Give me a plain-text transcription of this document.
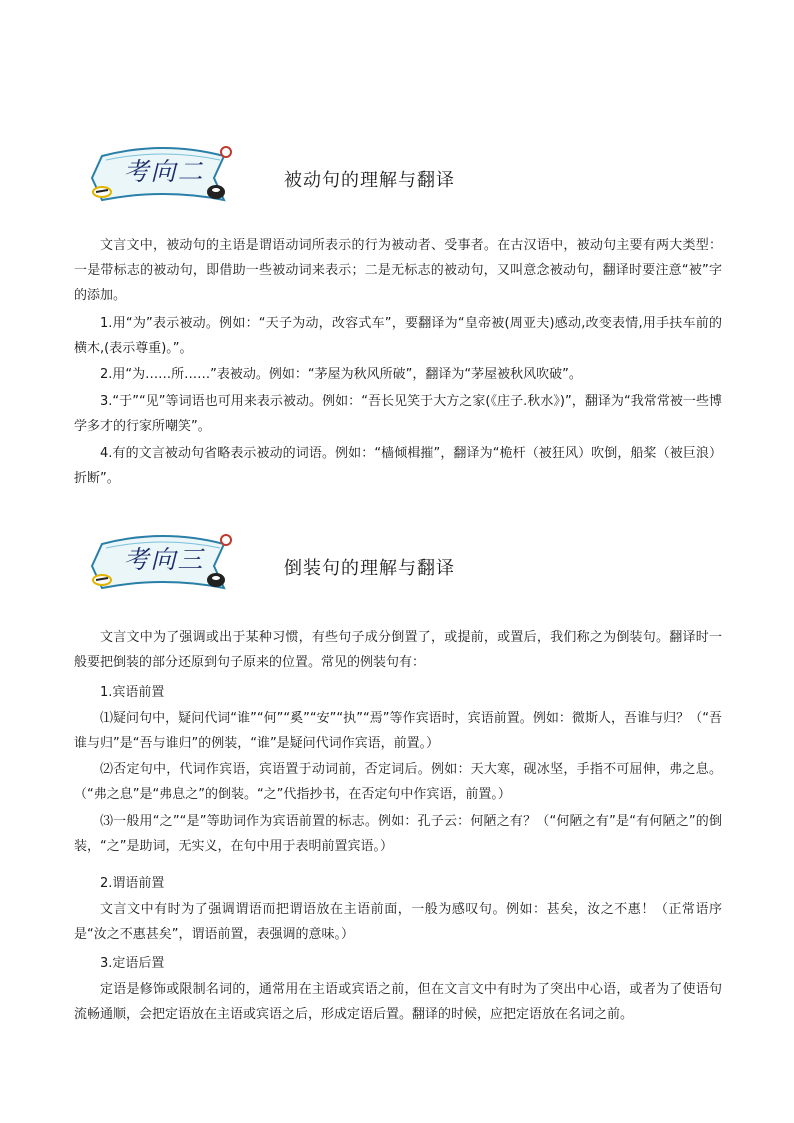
考向二	被动句的理解与翻译
文言文中，被动句的主语是谓语动词所表示的行为被动者、受事者。在古汉语中，被动句主要有两大类型：一是带标志的被动句，即借助一些被动词来表示；二是无标志的被动句，又叫意念被动句，翻译时要注意“被”字的添加。
1.用“为”表示被动。例如：“天子为动，改容式车”，要翻译为“皇帝被(周亚夫)感动,改变表情,用手扶车前的横木,(表示尊重)。”。
2.用“为……所……”表被动。例如：“茅屋为秋风所破”，翻译为“茅屋被秋风吹破”。
3.“于”“见”等词语也可用来表示被动。例如：“吾长见笑于大方之家(《庄子.秋水》)”，翻译为“我常常被一些博学多才的行家所嘲笑”。
4.有的文言被动句省略表示被动的词语。例如：“樯倾楫摧”，翻译为“桅杆（被狂风）吹倒，船桨（被巨浪）折断”。
考向三	倒装句的理解与翻译
文言文中为了强调或出于某种习惯，有些句子成分倒置了，或提前，或置后，我们称之为倒装句。翻译时一般要把倒装的部分还原到句子原来的位置。常见的例装句有：
1.宾语前置
⑴疑问句中，疑问代词“谁”“何”“奚”“安”“执”“焉”等作宾语时，宾语前置。例如：微斯人，吾谁与归？（“吾谁与归”是“吾与谁归”的例装，“谁”是疑问代词作宾语，前置。）
⑵否定句中，代词作宾语，宾语置于动词前，否定词后。例如：天大寒，砚冰坚，手指不可屈伸，弗之息。（“弗之息”是“弗息之”的倒装。“之”代指抄书，在否定句中作宾语，前置。）
⑶一般用“之”“是”等助词作为宾语前置的标志。例如：孔子云：何陋之有？（“何陋之有”是“有何陋之”的倒装，“之”是助词，无实义，在句中用于表明前置宾语。）
2.谓语前置
文言文中有时为了强调谓语而把谓语放在主语前面，一般为感叹句。例如：甚矣，汝之不惠！（正常语序是“汝之不惠甚矣”，谓语前置，表强调的意味。）
3.定语后置
定语是修饰或限制名词的，通常用在主语或宾语之前，但在文言文中有时为了突出中心语，或者为了使语句流畅通顺，会把定语放在主语或宾语之后，形成定语后置。翻译的时候，应把定语放在名词之前。
